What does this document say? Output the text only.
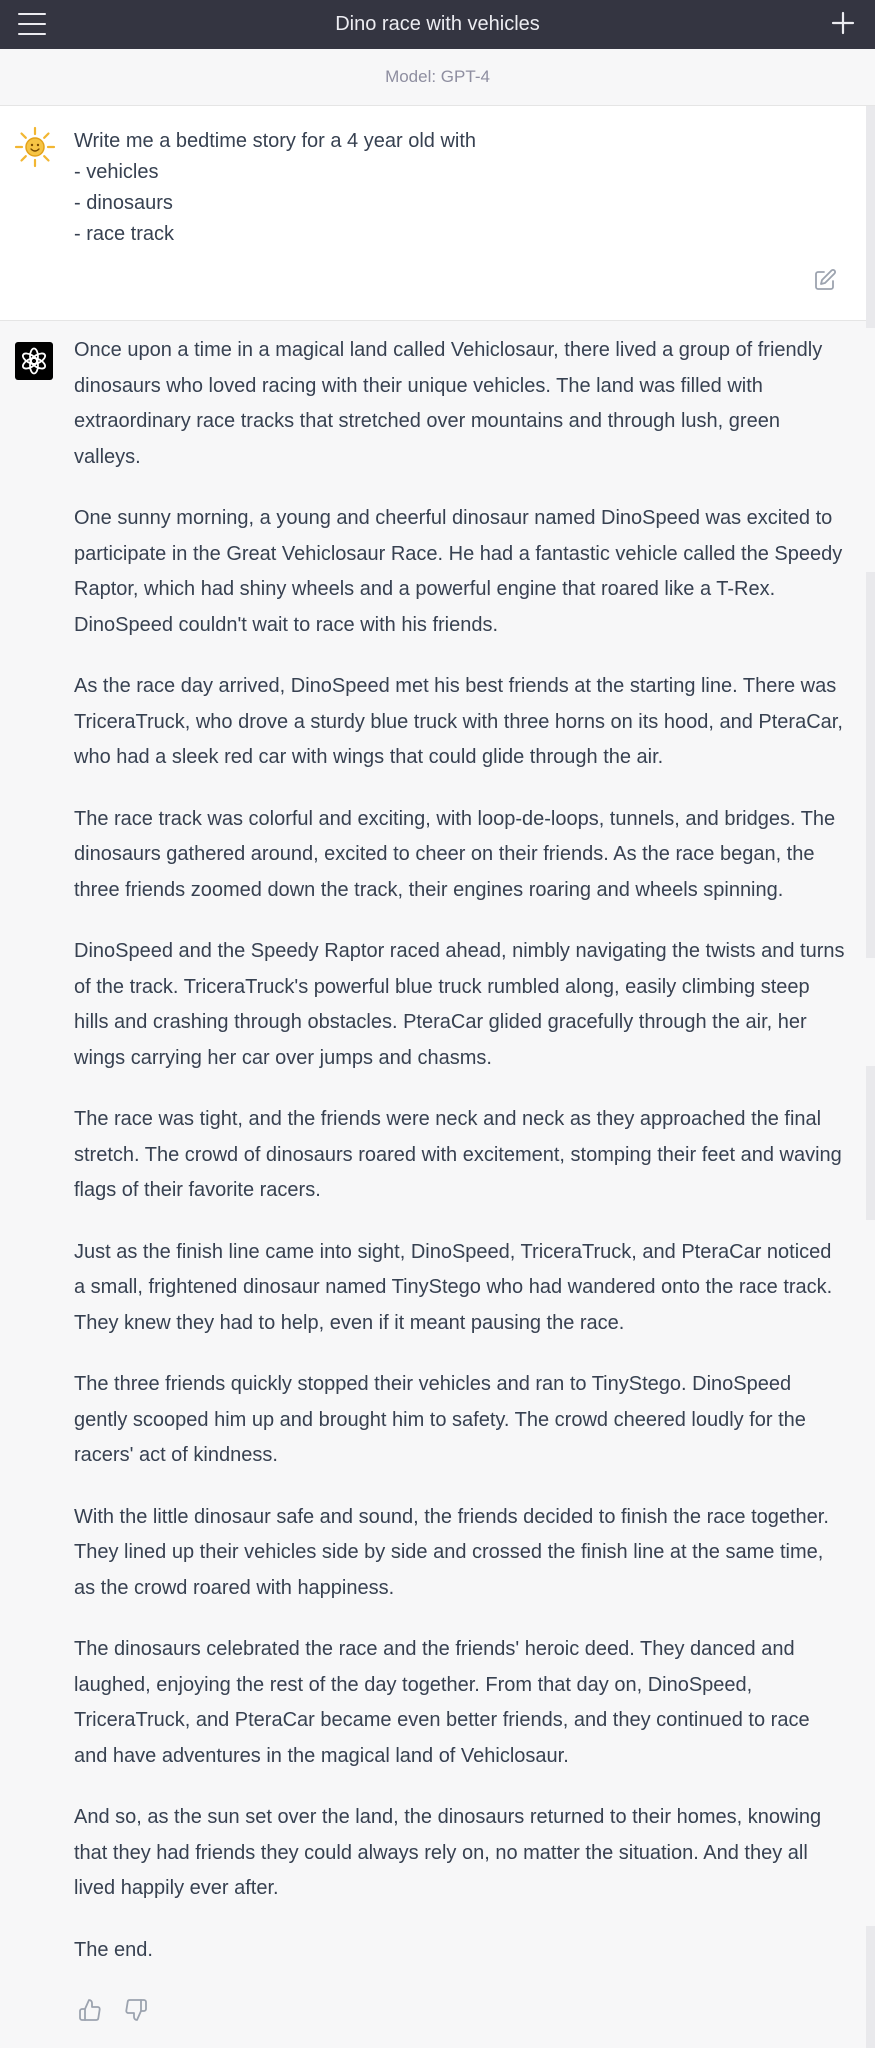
Dino race with vehicles
Model: GPT-4
Write me a bedtime story for a 4 year old with
- vehicles
- dinosaurs
- race track

Once upon a time in a magical land called Vehiclosaur, there lived a group of friendly dinosaurs who loved racing with their unique vehicles. The land was filled with extraordinary race tracks that stretched over mountains and through lush, green valleys.

One sunny morning, a young and cheerful dinosaur named DinoSpeed was excited to participate in the Great Vehiclosaur Race. He had a fantastic vehicle called the Speedy Raptor, which had shiny wheels and a powerful engine that roared like a T-Rex. DinoSpeed couldn't wait to race with his friends.

As the race day arrived, DinoSpeed met his best friends at the starting line. There was TriceraTruck, who drove a sturdy blue truck with three horns on its hood, and PteraCar, who had a sleek red car with wings that could glide through the air.

The race track was colorful and exciting, with loop-de-loops, tunnels, and bridges. The dinosaurs gathered around, excited to cheer on their friends. As the race began, the three friends zoomed down the track, their engines roaring and wheels spinning.

DinoSpeed and the Speedy Raptor raced ahead, nimbly navigating the twists and turns of the track. TriceraTruck's powerful blue truck rumbled along, easily climbing steep hills and crashing through obstacles. PteraCar glided gracefully through the air, her wings carrying her car over jumps and chasms.

The race was tight, and the friends were neck and neck as they approached the final stretch. The crowd of dinosaurs roared with excitement, stomping their feet and waving flags of their favorite racers.

Just as the finish line came into sight, DinoSpeed, TriceraTruck, and PteraCar noticed a small, frightened dinosaur named TinyStego who had wandered onto the race track. They knew they had to help, even if it meant pausing the race.

The three friends quickly stopped their vehicles and ran to TinyStego. DinoSpeed gently scooped him up and brought him to safety. The crowd cheered loudly for the racers' act of kindness.

With the little dinosaur safe and sound, the friends decided to finish the race together. They lined up their vehicles side by side and crossed the finish line at the same time, as the crowd roared with happiness.

The dinosaurs celebrated the race and the friends' heroic deed. They danced and laughed, enjoying the rest of the day together. From that day on, DinoSpeed, TriceraTruck, and PteraCar became even better friends, and they continued to race and have adventures in the magical land of Vehiclosaur.

And so, as the sun set over the land, the dinosaurs returned to their homes, knowing that they had friends they could always rely on, no matter the situation. And they all lived happily ever after.

The end.
